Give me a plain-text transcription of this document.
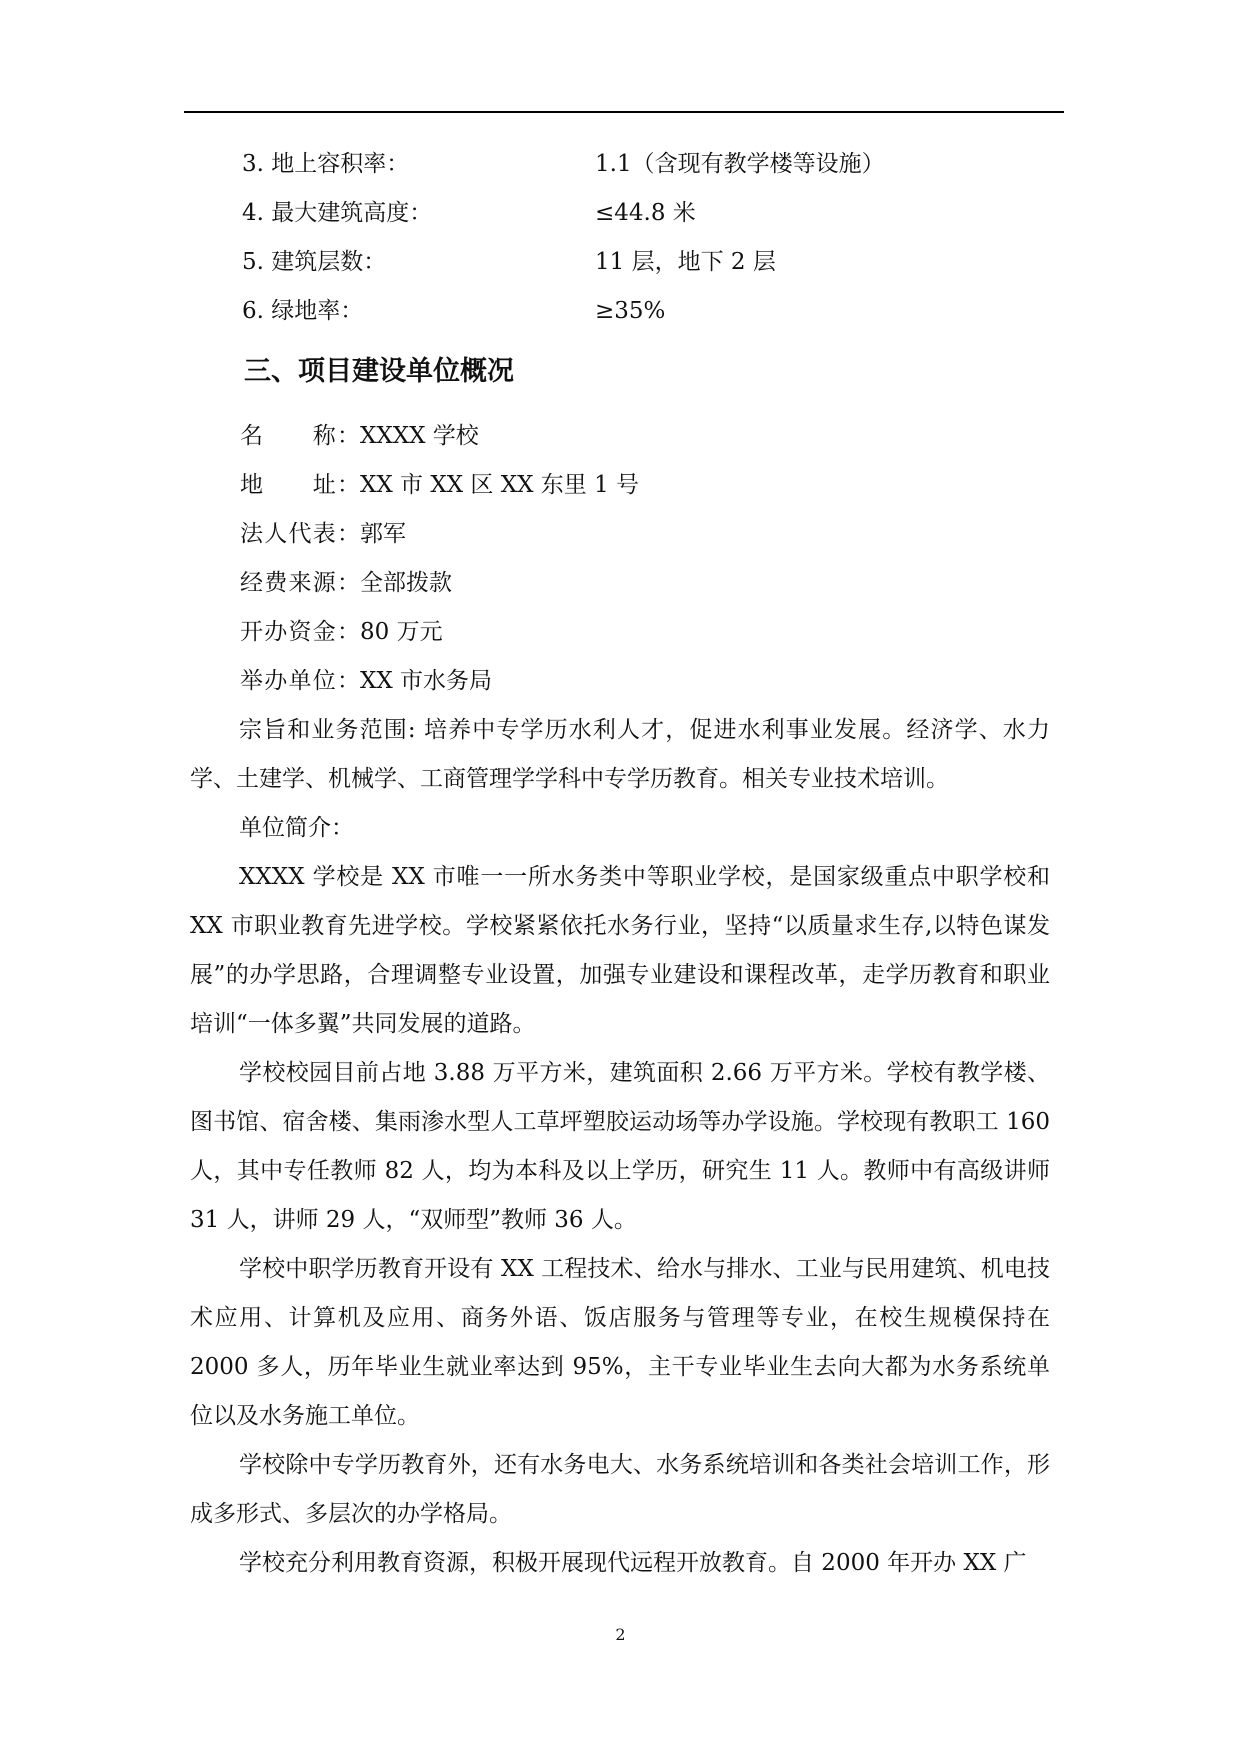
3. 地上容积率：	1.1（含现有教学楼等设施）
4. 最大建筑高度：	≤44.8 米
5. 建筑层数：	11 层，地下 2 层
6. 绿地率：	≥35%
三、项目建设单位概况
名　　称：XXXX 学校
地　　址：XX 市 XX 区 XX 东里 1 号
法人代表：郭军
经费来源：全部拨款
开办资金：80 万元
举办单位：XX 市水务局

宗旨和业务范围: 培养中专学历水利人才，促进水利事业发展。经济学、水力学、土建学、机械学、工商管理学学科中专学历教育。相关专业技术培训。

单位简介：

XXXX 学校是 XX 市唯一一所水务类中等职业学校，是国家级重点中职学校和 XX 市职业教育先进学校。学校紧紧依托水务行业，坚持“以质量求生存,以特色谋发展”的办学思路，合理调整专业设置，加强专业建设和课程改革，走学历教育和职业培训“一体多翼”共同发展的道路。

学校校园目前占地 3.88 万平方米，建筑面积 2.66 万平方米。学校有教学楼、图书馆、宿舍楼、集雨渗水型人工草坪塑胶运动场等办学设施。学校现有教职工 160 人，其中专任教师 82 人，均为本科及以上学历，研究生 11 人。教师中有高级讲师 31 人，讲师 29 人，“双师型”教师 36 人。

学校中职学历教育开设有 XX 工程技术、给水与排水、工业与民用建筑、机电技术应用、计算机及应用、商务外语、饭店服务与管理等专业，在校生规模保持在 2000 多人，历年毕业生就业率达到 95%，主干专业毕业生去向大都为水务系统单位以及水务施工单位。

学校除中专学历教育外，还有水务电大、水务系统培训和各类社会培训工作，形成多形式、多层次的办学格局。

学校充分利用教育资源，积极开展现代远程开放教育。自 2000 年开办 XX 广

2
